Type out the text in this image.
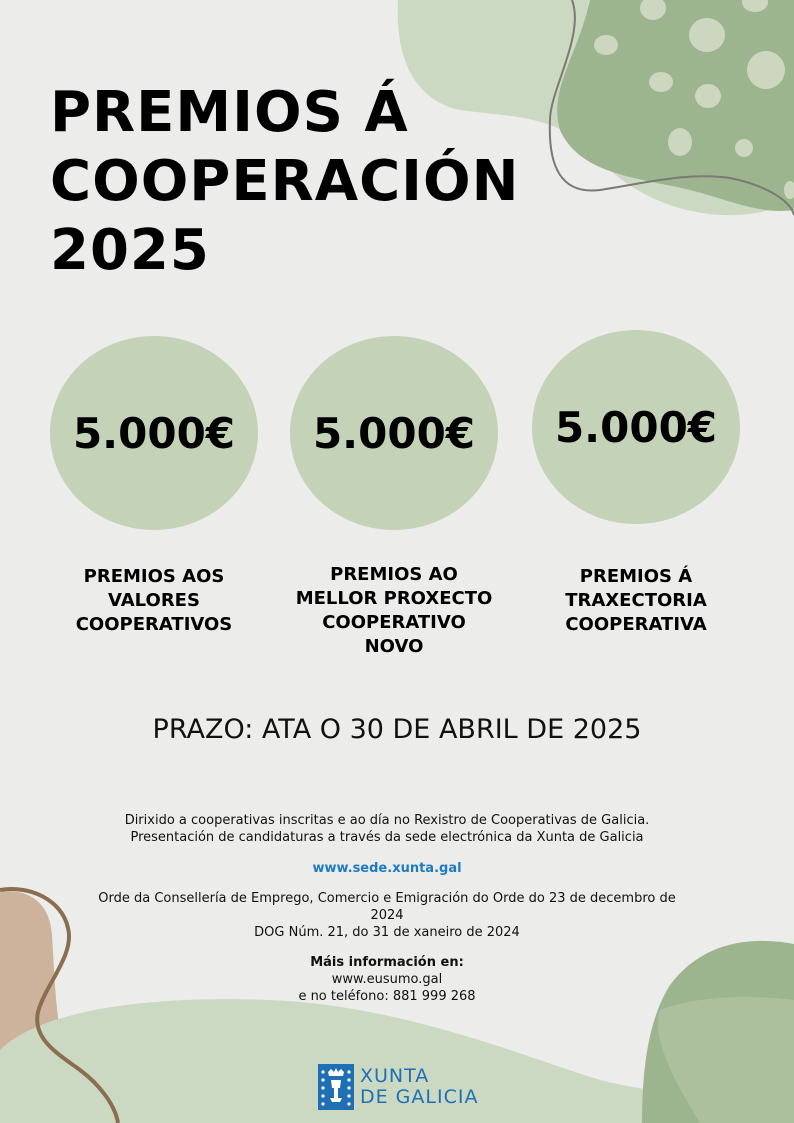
PREMIOS Á
COOPERACIÓN
2025
5.000€ 5.000€ 5.000€
PREMIOS AOS
VALORES
COOPERATIVOS
PREMIOS AO
MELLOR PROXECTO
COOPERATIVO
NOVO
PREMIOS Á
TRAXECTORIA
COOPERATIVA
PRAZO: ATA O 30 DE ABRIL DE 2025

Dirixido a cooperativas inscritas e ao día no Rexistro de Cooperativas de Galicia.

Presentación de candidaturas a través da sede electrónica da Xunta de Galicia

www.sede.xunta.gal

Orde da Consellería de Emprego, Comercio e Emigración do Orde do 23 de decembro de

2024

DOG Núm. 21, do 31 de xaneiro de 2024

Máis información en:

www.eusumo.gal

e no teléfono: 881 999 268

XUNTA
DE GALICIA
